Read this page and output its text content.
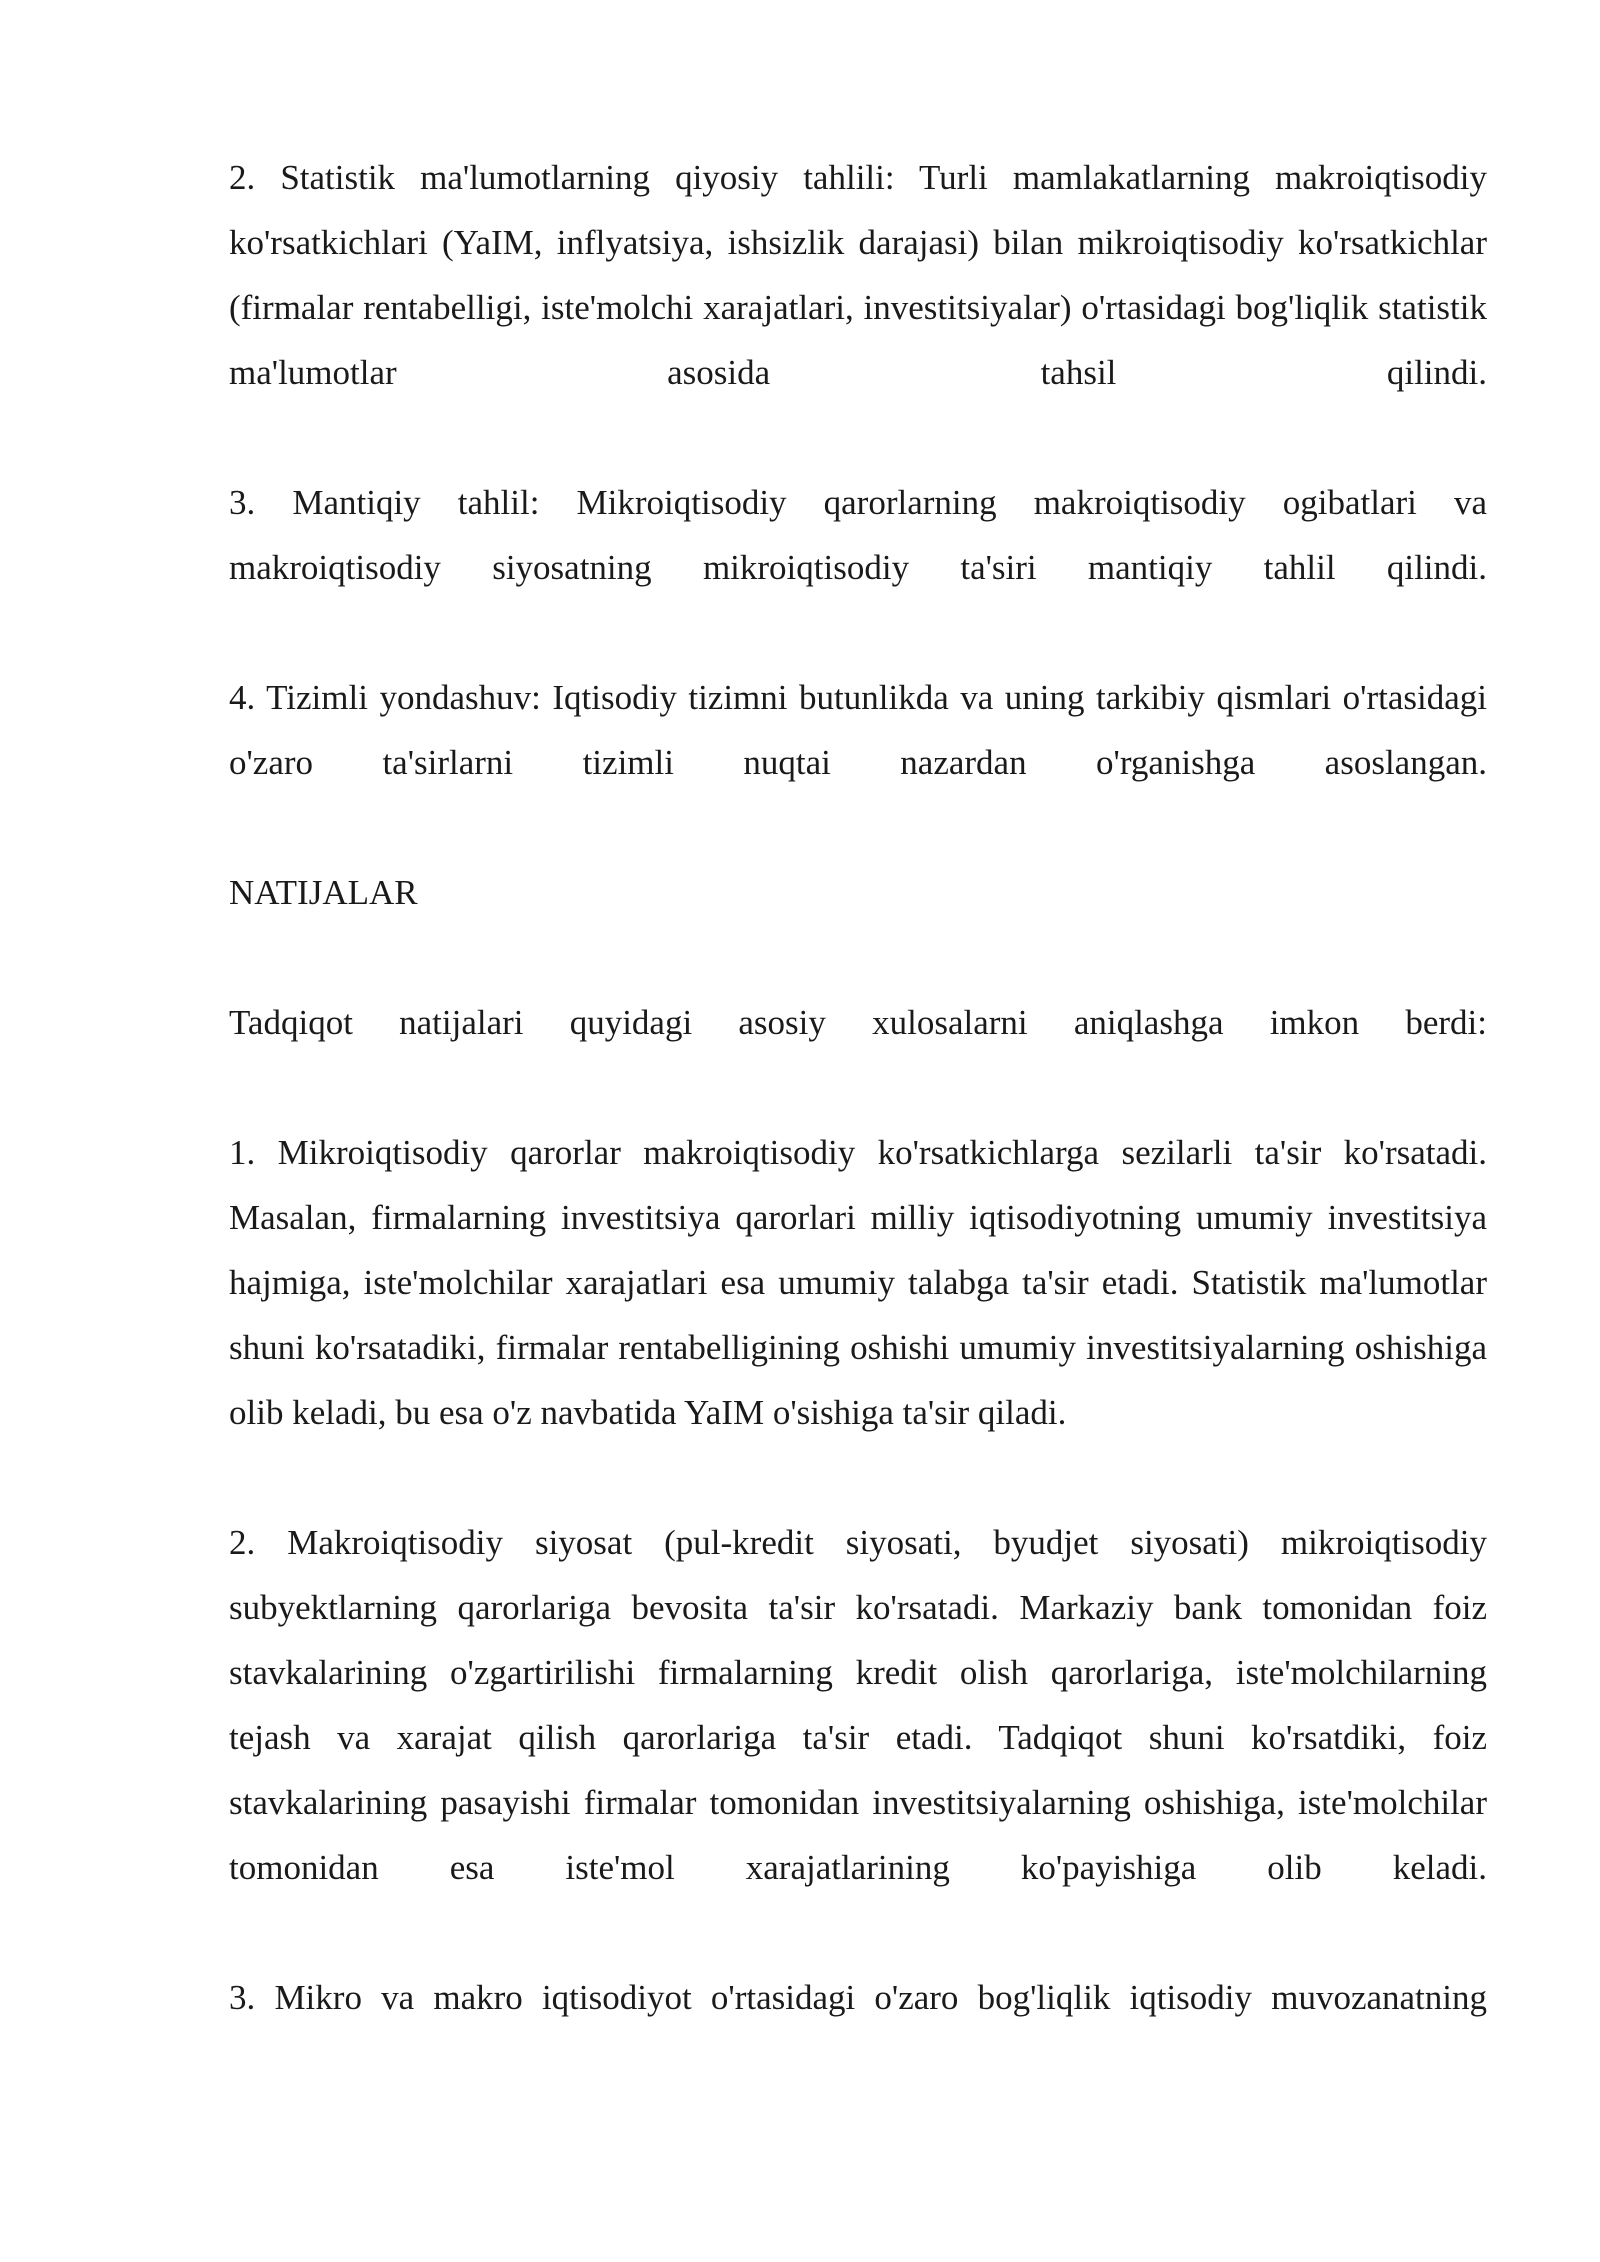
2. Statistik ma'lumotlarning qiyosiy tahlili: Turli mamlakatlarning makroiqtisodiy ko'rsatkichlari (YaIM, inflyatsiya, ishsizlik darajasi) bilan mikroiqtisodiy ko'rsatkichlar (firmalar rentabelligi, iste'molchi xarajatlari, investitsiyalar) o'rtasidagi bog'liqlik statistik ma'lumotlar asosida tahsil qilindi.

3. Mantiqiy tahlil: Mikroiqtisodiy qarorlarning makroiqtisodiy ogibatlari va makroiqtisodiy siyosatning mikroiqtisodiy ta'siri mantiqiy tahlil qilindi.

4. Tizimli yondashuv: Iqtisodiy tizimni butunlikda va uning tarkibiy qismlari o'rtasidagi o'zaro ta'sirlarni tizimli nuqtai nazardan o'rganishga asoslangan.

NATIJALAR

Tadqiqot natijalari quyidagi asosiy xulosalarni aniqlashga imkon berdi:

1. Mikroiqtisodiy qarorlar makroiqtisodiy ko'rsatkichlarga sezilarli ta'sir ko'rsatadi. Masalan, firmalarning investitsiya qarorlari milliy iqtisodiyotning umumiy investitsiya hajmiga, iste'molchilar xarajatlari esa umumiy talabga ta'sir etadi. Statistik ma'lumotlar shuni ko'rsatadiki, firmalar rentabelligining oshishi umumiy investitsiyalarning oshishiga olib keladi, bu esa o'z navbatida YaIM o'sishiga ta'sir qiladi.

2. Makroiqtisodiy siyosat (pul-kredit siyosati, byudjet siyosati) mikroiqtisodiy subyektlarning qarorlariga bevosita ta'sir ko'rsatadi. Markaziy bank tomonidan foiz stavkalarining o'zgartirilishi firmalarning kredit olish qarorlariga, iste'molchilarning tejash va xarajat qilish qarorlariga ta'sir etadi. Tadqiqot shuni ko'rsatdiki, foiz stavkalarining pasayishi firmalar tomonidan investitsiyalarning oshishiga, iste'molchilar tomonidan esa iste'mol xarajatlarining ko'payishiga olib keladi.

3. Mikro va makro iqtisodiyot o'rtasidagi o'zaro bog'liqlik iqtisodiy muvozanatning
